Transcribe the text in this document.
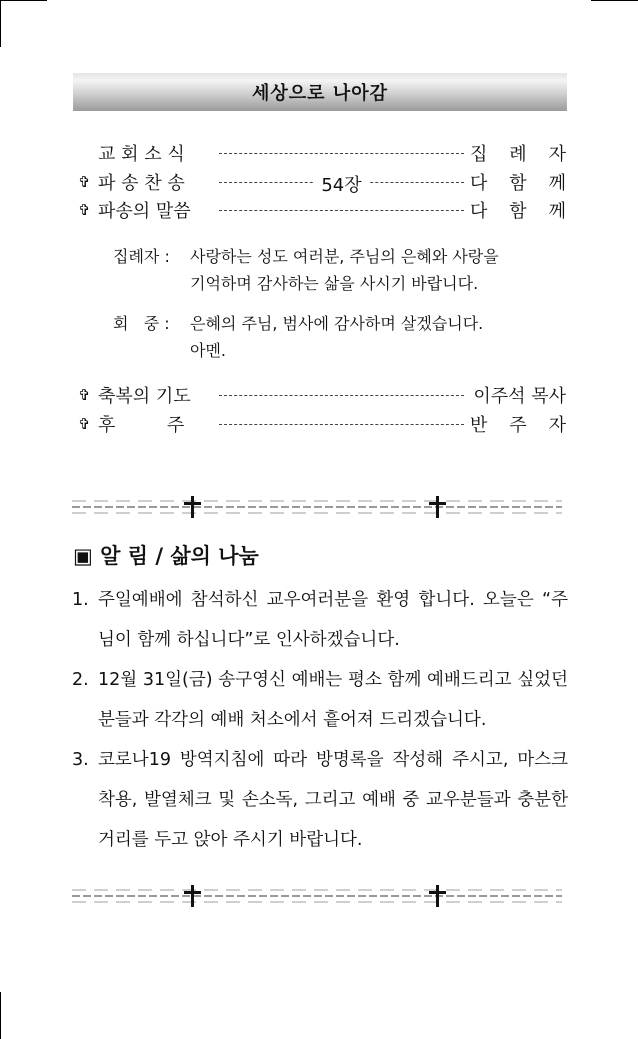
세상으로 나아감
교 회 소 식	집 례 자
✞ 파 송 찬 송	54장	다 함 께
✞ 파송의 말씀	다 함 께
집례자 : 사랑하는 성도 여러분, 주님의 은혜와 사랑을
기억하며 감사하는 삶을 사시기 바랍니다.
회   중 : 은혜의 주님, 범사에 감사하며 살겠습니다.
아멘.
✞ 축복의 기도	이주석 목사
✞ 후         주	반 주 자
▣ 알 림 / 삶의 나눔
1. 주일예배에 참석하신 교우여러분을 환영 합니다. 오늘은 “주님이 함께 하십니다”로 인사하겠습니다.
2. 12월 31일(금) 송구영신 예배는 평소 함께 예배드리고 싶었던 분들과 각각의 예배 처소에서 흩어져 드리겠습니다.
3. 코로나19 방역지침에 따라 방명록을 작성해 주시고, 마스크 착용, 발열체크 및 손소독, 그리고 예배 중 교우분들과 충분한 거리를 두고 앉아 주시기 바랍니다.
